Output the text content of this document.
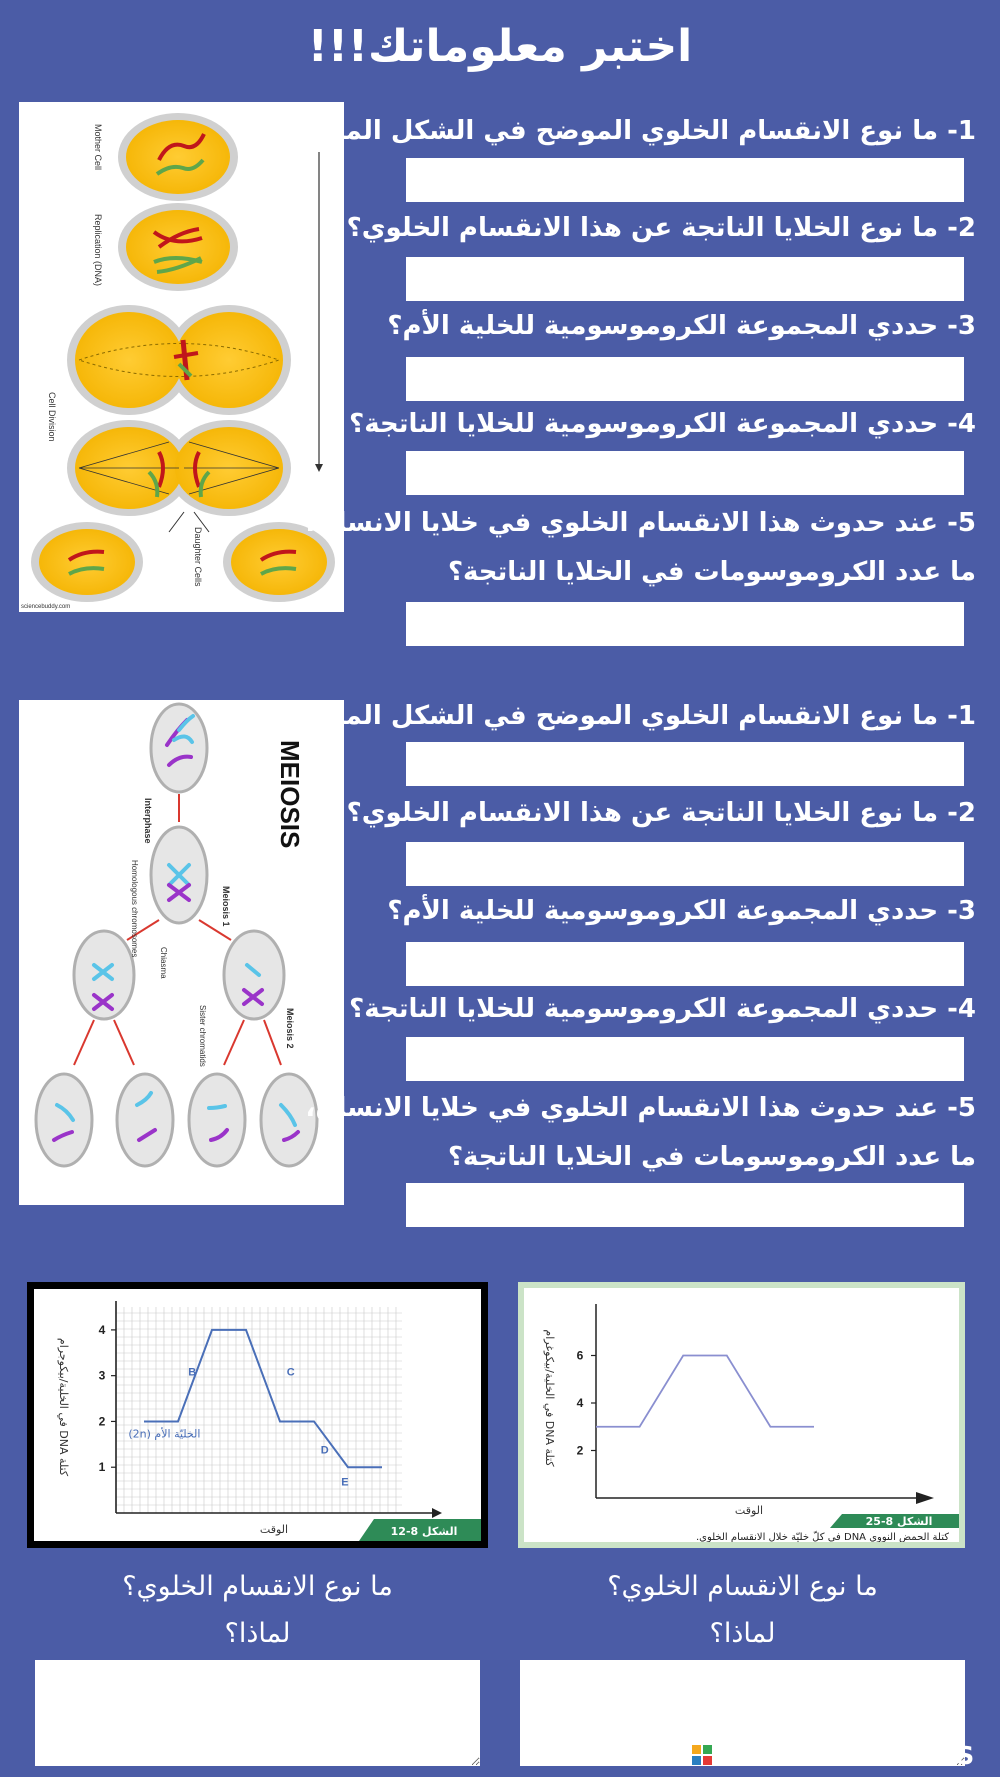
اختبر معلوماتك!!!
Mother Cell
Replication (DNA)
Cell Division
Daughter Cells
sciencebuddy.com
1- ما نوع الانقسام الخلوي الموضح في الشكل المجاور؟
2- ما نوع الخلايا الناتجة عن هذا الانقسام الخلوي؟
3- حددي المجموعة الكروموسومية للخلية الأم؟
4- حددي المجموعة الكروموسومية للخلايا الناتجة؟
5- عند حدوث هذا الانقسام الخلوي في خلايا الانسان،
ما عدد الكروموسومات في الخلايا الناتجة؟
MEIOSIS
Interphase
Meiosis 1
Homologous chromosomes
Chiasma
Meiosis 2
Sister chromatids
1- ما نوع الانقسام الخلوي الموضح في الشكل المجاور؟
2- ما نوع الخلايا الناتجة عن هذا الانقسام الخلوي؟
3- حددي المجموعة الكروموسومية للخلية الأم؟
4- حددي المجموعة الكروموسومية للخلايا الناتجة؟
5- عند حدوث هذا الانقسام الخلوي في خلايا الانسان،
ما عدد الكروموسومات في الخلايا الناتجة؟
1
2
3
4
B	C
D
E
الخليّة الأم (2n)
كتلة DNA في الخلية/بيكوجرام
الوقت	الشكل 8-12
2
4
6
كتلة DNA في الخلية/بيكوغرام
الوقت
الشكل 8-25
كتلة الحمض النووي DNA في كلّ خليّة خلال الانقسام الخلوي.
ما نوع الانقسام الخلوي؟
لماذا؟
ما نوع الانقسام الخلوي؟
لماذا؟
LIVEWORKSHEETS
